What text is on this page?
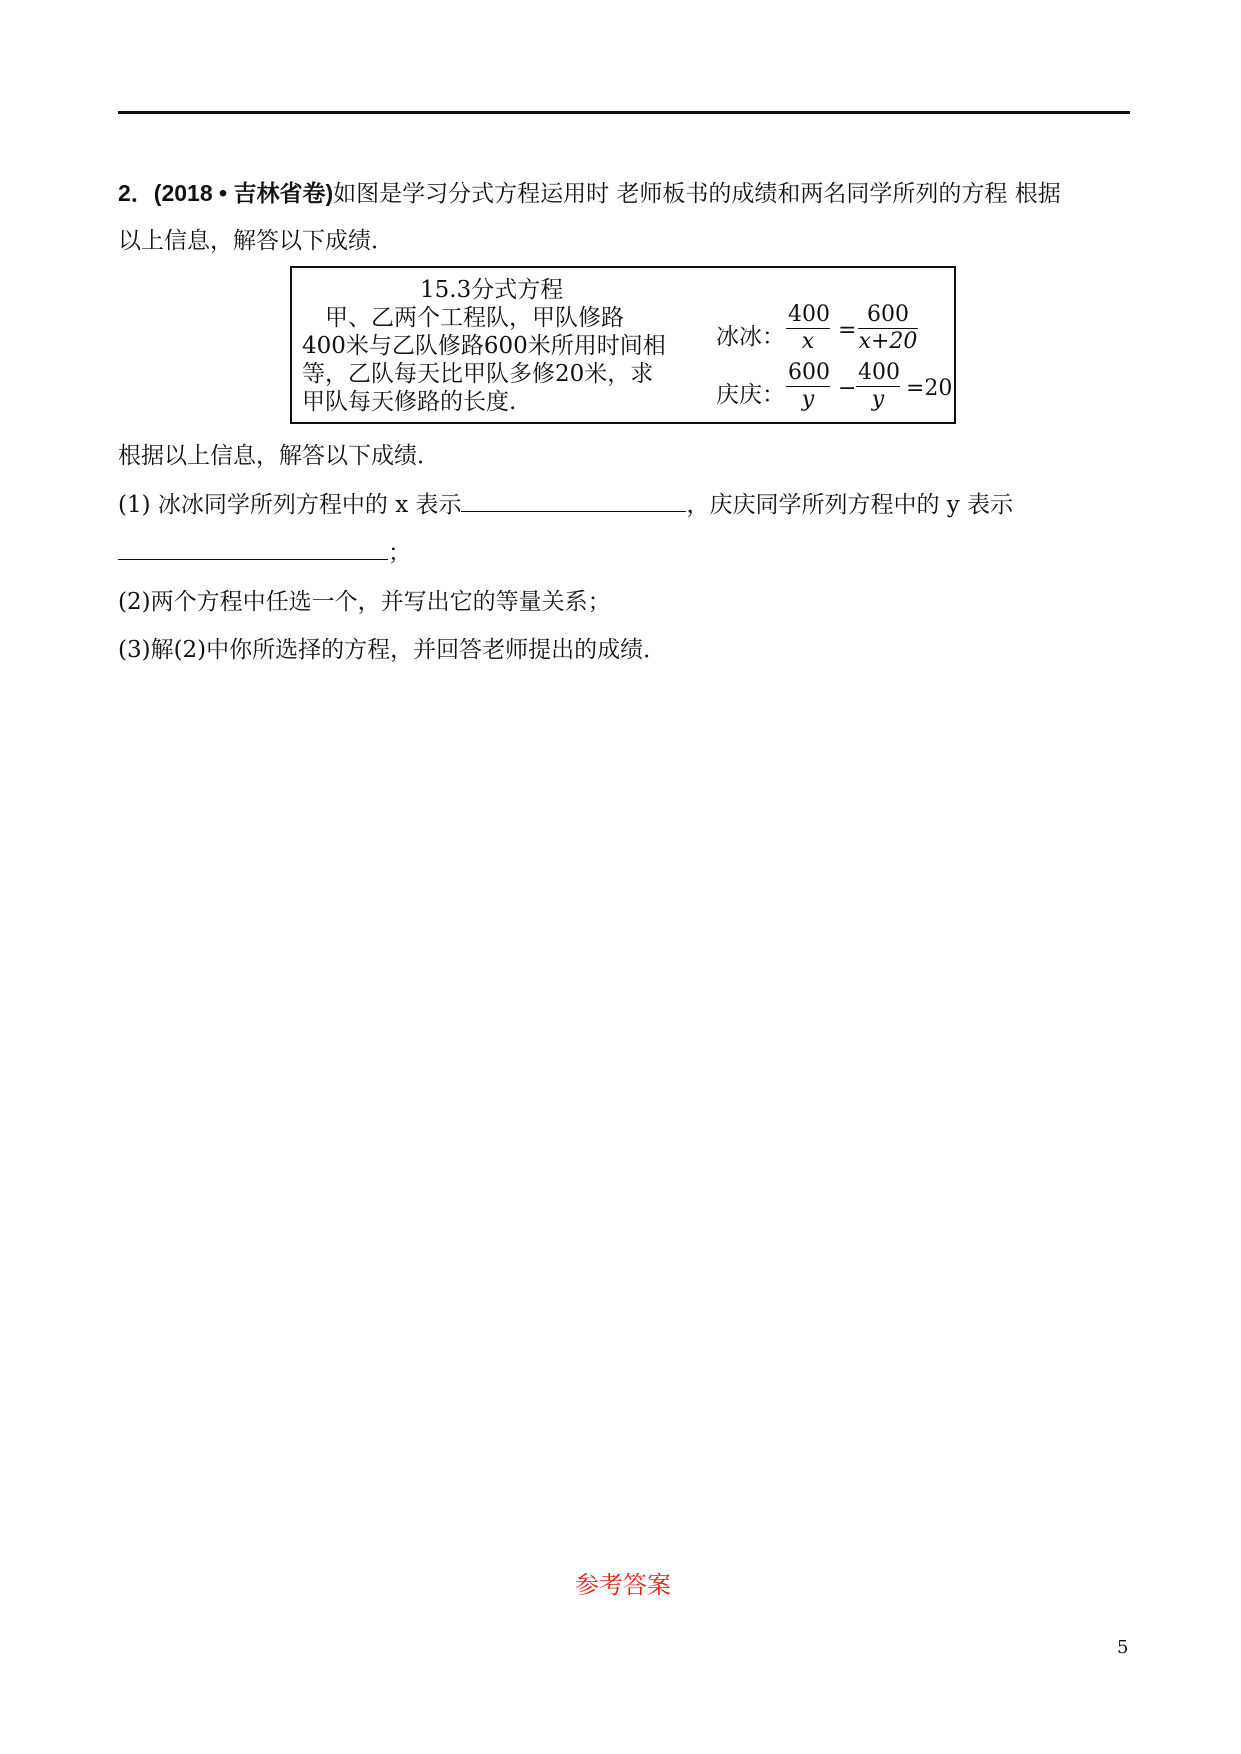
2．(2018 • 吉林省卷)如图是学习分式方程运用时 老师板书的成绩和两名同学所列的方程 根据
以上信息，解答以下成绩．
15.3分式方程
　甲、乙两个工程队，甲队修路
400米与乙队修路600米所用时间相
等，乙队每天比甲队多修20米，求
甲队每天修路的长度.
冰冰： $\frac{400}{x} = \frac{600}{x+20}$
庆庆： $\frac{600}{y} - \frac{400}{y} =20$
根据以上信息，解答以下成绩．
(1) 冰冰同学所列方程中的 x 表示	，庆庆同学所列方程中的 y 表示
；
(2)两个方程中任选一个，并写出它的等量关系；
(3)解(2)中你所选择的方程，并回答老师提出的成绩．
参考答案
5
